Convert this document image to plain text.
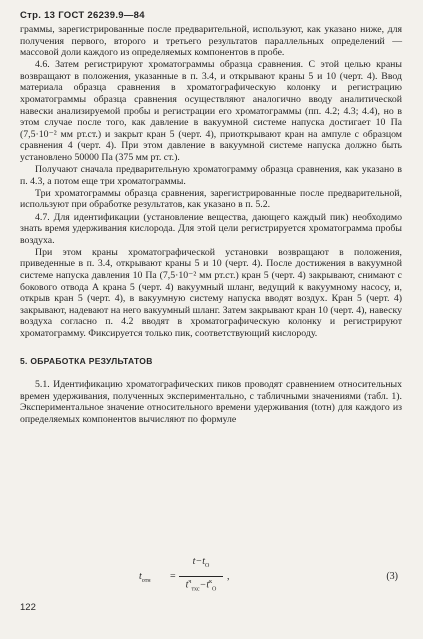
Стр. 13 ГОСТ 26239.9—84

граммы, зарегистрированные после предварительной, используют, как указано ниже, для получения первого, второго и третьего результатов параллельных определений — массовой доли каждого из определяемых компонентов в пробе.

4.6. Затем регистрируют хроматограммы образца сравнения. С этой целью краны возвращают в положения, указанные в п. 3.4, и открывают краны 5 и 10 (черт. 4). Ввод материала образца сравнения в хроматографическую колонку и регистрацию хроматограммы образца сравнения осуществляют аналогично вводу аналитической навески анализируемой пробы и регистрации его хроматограммы (пп. 4.2; 4.3; 4.4), но в этом случае после того, как давление в вакуумной системе напуска достигает 10 Па (7,5·10⁻² мм рт.ст.) и закрыт кран 5 (черт. 4), приоткрывают кран на ампуле с образцом сравнения 4 (черт. 4). При этом давление в вакуумной системе напуска должно быть установлено 50000 Па (375 мм рт. ст.).

Получают сначала предварительную хроматограмму образца сравнения, как указано в п. 4.3, а потом еще три хроматограммы.

Три хроматограммы образца сравнения, зарегистрированные после предварительной, используют при обработке результатов, как указано в п. 5.2.

4.7. Для идентификации (установление вещества, дающего каждый пик) необходимо знать время удерживания кислорода. Для этой цели регистрируется хроматограмма пробы воздуха.

При этом краны хроматографической установки возвращают в положения, приведенные в п. 3.4, открывают краны 5 и 10 (черт. 4). После достижения в вакуумной системе напуска давления 10 Па (7,5·10⁻² мм рт.ст.) кран 5 (черт. 4) закрывают, снимают с бокового отвода А крана 5 (черт. 4) вакуумный шланг, ведущий к вакуумному насосу, и, открыв кран 5 (черт. 4), в вакуумную систему напуска вводят воздух. Кран 5 (черт. 4) закрывают, надевают на него вакуумный шланг. Затем закрывают кран 10 (черт. 4), навеску воздуха согласно п. 4.2 вводят в хроматографическую колонку и регистрируют хроматограмму. Фиксируется только пик, соответствующий кислороду.

5. ОБРАБОТКА РЕЗУЛЬТАТОВ

5.1. Идентификацию хроматографических пиков проводят сравнением относительных времен удерживания, полученных экспериментально, с табличными значениями (табл. 1). Экспериментальное значение относительного времени удерживания (tотн) для каждого из определяемых компонентов вычисляют по формуле

$t_{отн}$ =
$t-t_O$
$t^ч_{тхс}-t^к_O$
,	(3)
122
